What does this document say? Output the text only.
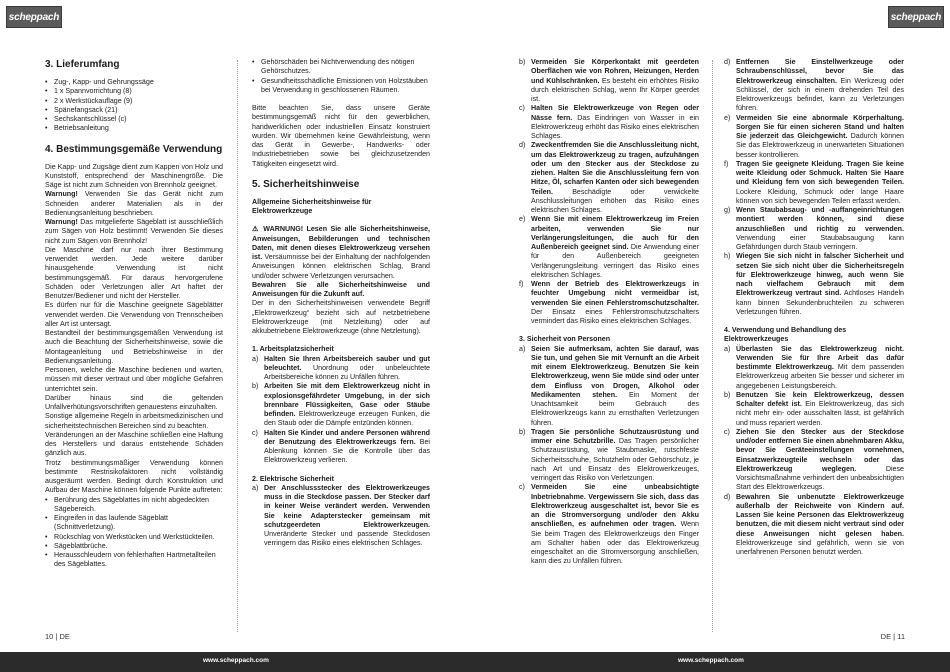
scheppach
3. Lieferumfang
• Zug-, Kapp- und Gehrungssäge
• 1 x Spannvorrichtung (8)
• 2 x Werkstückauflage (9)
• Spänefangsack (21)
• Sechskantschlüssel (c)
• Betriebsanleitung
4. Bestimmungsgemäße Verwendung

Die Kapp- und Zugsäge dient zum Kappen von Holz und Kunststoff, entsprechend der Maschinengröße. Die Säge ist nicht zum Schneiden von Brennholz geeignet.

Warnung! Verwenden Sie das Gerät nicht zum Schneiden anderer Materialien als in der Bedienungsanleitung beschrieben.

Warnung! Das mitgelieferte Sägeblatt ist ausschließlich zum Sägen von Holz bestimmt! Verwenden Sie dieses nicht zum Sägen von Brennholz!

Die Maschine darf nur nach ihrer Bestimmung verwendet werden. Jede weitere darüber hinausgehende Verwendung ist nicht bestimmungsgemäß. Für daraus hervorgerufene Schäden oder Verletzungen aller Art haftet der Benutzer/Bediener und nicht der Hersteller.

Es dürfen nur für die Maschine geeignete Sägeblätter verwendet werden. Die Verwendung von Trennscheiben aller Art ist untersagt.

Bestandteil der bestimmungsgemäßen Verwendung ist auch die Beachtung der Sicherheitshinweise, sowie die Montageanleitung und Betriebshinweise in der Bedienungsanleitung.

Personen, welche die Maschine bedienen und warten, müssen mit dieser vertraut und über mögliche Gefahren unterrichtet sein.

Darüber hinaus sind die geltenden Unfallverhütungsvorschriften genauestens einzuhalten.

Sonstige allgemeine Regeln in arbeitsmedizinischen und sicherheitstechnischen Bereichen sind zu beachten.

Veränderungen an der Maschine schließen eine Haftung des Herstellers und daraus entstehende Schäden gänzlich aus.

Trotz bestimmungsmäßiger Verwendung können bestimmte Restrisikofaktoren nicht vollständig ausgeräumt werden. Bedingt durch Konstruktion und Aufbau der Maschine können folgende Punkte auftreten:

• Berührung des Sägeblattes im nicht abgedeckten Sägebereich.
• Eingreifen in das laufende Sägeblatt (Schnittverletzung).
• Rückschlag von Werkstücken und Werkstückteilen.
• Sägeblattbrüche.
• Herausschleudern von fehlerhaften Hartmetallteilen des Sägeblattes.
• Gehörschäden bei Nichtverwendung des nötigen Gehörschutzes.
• Gesundheitsschädliche Emissionen von Holzstäuben bei Verwendung in geschlossenen Räumen.

Bitte beachten Sie, dass unsere Geräte bestimmungsgemäß nicht für den gewerblichen, handwerklichen oder industriellen Einsatz konstruiert wurden. Wir übernehmen keine Gewährleistung, wenn das Gerät in Gewerbe-, Handwerks- oder Industriebetrieben sowie bei gleichzusetzenden Tätigkeiten eingesetzt wird.

5. Sicherheitshinweise

Allgemeine Sicherheitshinweise für Elektrowerkzeuge

⚠ WARNUNG! Lesen Sie alle Sicherheitshinweise, Anweisungen, Bebilderungen und technischen Daten, mit denen dieses Elektrowerkzeug versehen ist. Versäumnisse bei der Einhaltung der nachfolgenden Anweisungen können elektrischen Schlag, Brand und/oder schwere Verletzungen verursachen.

Bewahren Sie alle Sicherheitshinweise und Anweisungen für die Zukunft auf.

Der in den Sicherheitshinweisen verwendete Begriff „Elektrowerkzeug“ bezieht sich auf netzbetriebene Elektrowerkzeuge (mit Netzleitung) oder auf akkubetriebene Elektrowerkzeuge (ohne Netzleitung).

1. Arbeitsplatzsicherheit

a) Halten Sie Ihren Arbeitsbereich sauber und gut beleuchtet. Unordnung oder unbeleuchtete Arbeitsbereiche können zu Unfällen führen.
b) Arbeiten Sie mit dem Elektrowerkzeug nicht in explosionsgefährdeter Umgebung, in der sich brennbare Flüssigkeiten, Gase oder Stäube befinden. Elektrowerkzeuge erzeugen Funken, die den Staub oder die Dämpfe entzünden können.
c) Halten Sie Kinder und andere Personen während der Benutzung des Elektrowerkzeugs fern. Bei Ablenkung können Sie die Kontrolle über das Elektrowerkzeug verlieren.

2. Elektrische Sicherheit

a) Der Anschlussstecker des Elektrowerkzeuges muss in die Steckdose passen. Der Stecker darf in keiner Weise verändert werden. Verwenden Sie keine Adapterstecker gemeinsam mit schutzgeerdeten Elektrowerkzeugen. Unveränderte Stecker und passende Steckdosen verringern das Risiko eines elektrischen Schlages.
10 | DE
www.scheppach.com
scheppach
b) Vermeiden Sie Körperkontakt mit geerdeten Oberflächen wie von Rohren, Heizungen, Herden und Kühlschränken. Es besteht ein erhöhtes Risiko durch elektrischen Schlag, wenn Ihr Körper geerdet ist.
c) Halten Sie Elektrowerkzeuge von Regen oder Nässe fern. Das Eindringen von Wasser in ein Elektrowerkzeug erhöht das Risiko eines elektrischen Schlages.
d) Zweckentfremden Sie die Anschlussleitung nicht, um das Elektrowerkzeug zu tragen, aufzuhängen oder um den Stecker aus der Steckdose zu ziehen. Halten Sie die Anschlussleitung fern von Hitze, Öl, scharfen Kanten oder sich bewegenden Teilen. Beschädigte oder verwickelte Anschlussleitungen erhöhen das Risiko eines elektrischen Schlages.
e) Wenn Sie mit einem Elektrowerkzeug im Freien arbeiten, verwenden Sie nur Verlängerungsleitungen, die auch für den Außenbereich geeignet sind. Die Anwendung einer für den Außenbereich geeigneten Verlängerungsleitung verringert das Risiko eines elektrischen Schlages.
f) Wenn der Betrieb des Elektrowerkzeugs in feuchter Umgebung nicht vermeidbar ist, verwenden Sie einen Fehlerstromschutzschalter. Der Einsatz eines Fehlerstromschutzschalters vermindert das Risiko eines elektrischen Schlages.

3. Sicherheit von Personen

a) Seien Sie aufmerksam, achten Sie darauf, was Sie tun, und gehen Sie mit Vernunft an die Arbeit mit einem Elektrowerkzeug. Benutzen Sie kein Elektrowerkzeug, wenn Sie müde sind oder unter dem Einfluss von Drogen, Alkohol oder Medikamenten stehen. Ein Moment der Unachtsamkeit beim Gebrauch des Elektrowerkzeugs kann zu ernsthaften Verletzungen führen.
b) Tragen Sie persönliche Schutzausrüstung und immer eine Schutzbrille. Das Tragen persönlicher Schutzausrüstung, wie Staubmaske, rutschfeste Sicherheitsschuhe, Schutzhelm oder Gehörschutz, je nach Art und Einsatz des Elektrowerkzeuges, verringert das Risiko von Verletzungen.
c) Vermeiden Sie eine unbeabsichtigte Inbetriebnahme. Vergewissern Sie sich, dass das Elektrowerkzeug ausgeschaltet ist, bevor Sie es an die Stromversorgung und/oder den Akku anschließen, es aufnehmen oder tragen. Wenn Sie beim Tragen des Elektrowerkzeugs den Finger am Schalter haben oder das Elektrowerkzeug eingeschaltet an die Stromversorgung anschließen, kann dies zu Unfällen führen.
d) Entfernen Sie Einstellwerkzeuge oder Schraubenschlüssel, bevor Sie das Elektrowerkzeug einschalten. Ein Werkzeug oder Schlüssel, der sich in einem drehenden Teil des Elektrowerkzeugs befindet, kann zu Verletzungen führen.
e) Vermeiden Sie eine abnormale Körperhaltung. Sorgen Sie für einen sicheren Stand und halten Sie jederzeit das Gleichgewicht. Dadurch können Sie das Elektrowerkzeug in unerwarteten Situationen besser kontrollieren.
f) Tragen Sie geeignete Kleidung. Tragen Sie keine weite Kleidung oder Schmuck. Halten Sie Haare und Kleidung fern von sich bewegenden Teilen. Lockere Kleidung, Schmuck oder lange Haare können von sich bewegenden Teilen erfasst werden.
g) Wenn Staubabsaug- und -auffangeinrichtungen montiert werden können, sind diese anzuschließen und richtig zu verwenden. Verwendung einer Staubabsaugung kann Gefährdungen durch Staub verringern.
h) Wiegen Sie sich nicht in falscher Sicherheit und setzen Sie sich nicht über die Sicherheitsregeln für Elektrowerkzeuge hinweg, auch wenn Sie nach vielfachem Gebrauch mit dem Elektrowerkzeug vertraut sind. Achtloses Handeln kann binnen Sekundenbruchteilen zu schweren Verletzungen führen.

4. Verwendung und Behandlung des Elektrowerkzeuges

a) Überlasten Sie das Elektrowerkzeug nicht. Verwenden Sie für Ihre Arbeit das dafür bestimmte Elektrowerkzeug. Mit dem passenden Elektrowerkzeug arbeiten Sie besser und sicherer im angegebenen Leistungsbereich.
b) Benutzen Sie kein Elektrowerkzeug, dessen Schalter defekt ist. Ein Elektrowerkzeug, das sich nicht mehr ein- oder ausschalten lässt, ist gefährlich und muss repariert werden.
c) Ziehen Sie den Stecker aus der Steckdose und/oder entfernen Sie einen abnehmbaren Akku, bevor Sie Geräteeinstellungen vornehmen, Einsatzwerkzeugteile wechseln oder das Elektrowerkzeug weglegen. Diese Vorsichtsmaßnahme verhindert den unbeabsichtigten Start des Elektrowerkzeugs.
d) Bewahren Sie unbenutzte Elektrowerkzeuge außerhalb der Reichweite von Kindern auf. Lassen Sie keine Personen das Elektrowerkzeug benutzen, die mit diesem nicht vertraut sind oder diese Anweisungen nicht gelesen haben. Elektrowerkzeuge sind gefährlich, wenn sie von unerfahrenen Personen benutzt werden.
DE | 11
www.scheppach.com
